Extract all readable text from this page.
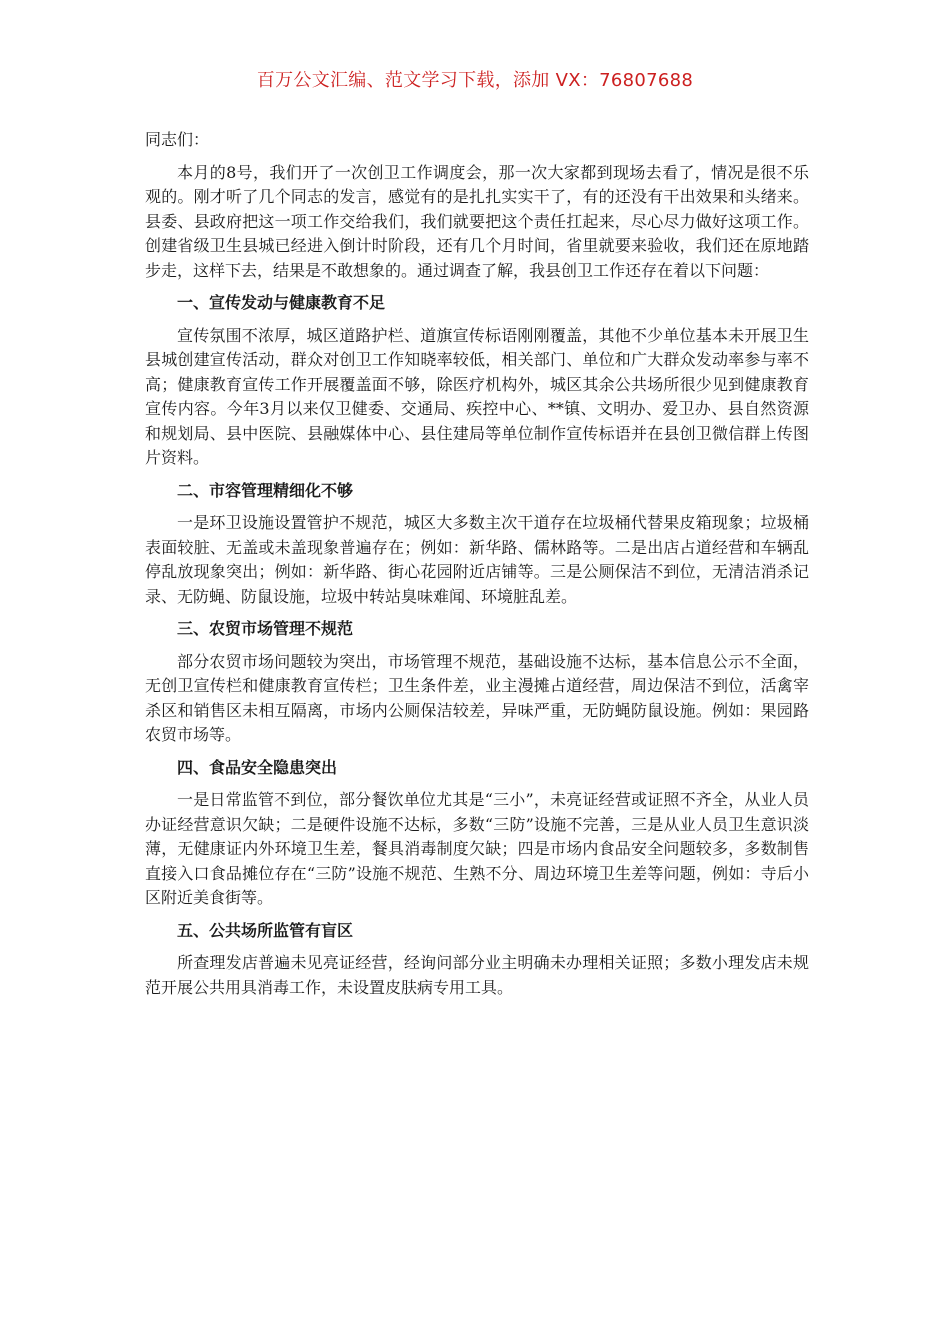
百万公文汇编、范文学习下载，添加 VX：76807688

同志们：

本月的8号，我们开了一次创卫工作调度会，那一次大家都到现场去看了，情况是很不乐观的。刚才听了几个同志的发言，感觉有的是扎扎实实干了，有的还没有干出效果和头绪来。县委、县政府把这一项工作交给我们，我们就要把这个责任扛起来，尽心尽力做好这项工作。创建省级卫生县城已经进入倒计时阶段，还有几个月时间，省里就要来验收，我们还在原地踏步走，这样下去，结果是不敢想象的。通过调查了解，我县创卫工作还存在着以下问题：

一、宣传发动与健康教育不足

宣传氛围不浓厚，城区道路护栏、道旗宣传标语刚刚覆盖，其他不少单位基本未开展卫生县城创建宣传活动，群众对创卫工作知晓率较低，相关部门、单位和广大群众发动率参与率不高；健康教育宣传工作开展覆盖面不够，除医疗机构外，城区其余公共场所很少见到健康教育宣传内容。今年3月以来仅卫健委、交通局、疾控中心、**镇、文明办、爱卫办、县自然资源和规划局、县中医院、县融媒体中心、县住建局等单位制作宣传标语并在县创卫微信群上传图片资料。

二、市容管理精细化不够

一是环卫设施设置管护不规范，城区大多数主次干道存在垃圾桶代替果皮箱现象；垃圾桶表面较脏、无盖或未盖现象普遍存在；例如：新华路、儒林路等。二是出店占道经营和车辆乱停乱放现象突出；例如：新华路、街心花园附近店铺等。三是公厕保洁不到位，无清洁消杀记录、无防蝇、防鼠设施，垃圾中转站臭味难闻、环境脏乱差。

三、农贸市场管理不规范

部分农贸市场问题较为突出，市场管理不规范，基础设施不达标，基本信息公示不全面，无创卫宣传栏和健康教育宣传栏；卫生条件差，业主漫摊占道经营，周边保洁不到位，活禽宰杀区和销售区未相互隔离，市场内公厕保洁较差，异味严重，无防蝇防鼠设施。例如：果园路农贸市场等。

四、食品安全隐患突出

一是日常监管不到位，部分餐饮单位尤其是“三小”，未亮证经营或证照不齐全，从业人员办证经营意识欠缺；二是硬件设施不达标，多数“三防”设施不完善，三是从业人员卫生意识淡薄，无健康证内外环境卫生差，餐具消毒制度欠缺；四是市场内食品安全问题较多，多数制售直接入口食品摊位存在“三防”设施不规范、生熟不分、周边环境卫生差等问题，例如：寺后小区附近美食街等。

五、公共场所监管有盲区

所查理发店普遍未见亮证经营，经询问部分业主明确未办理相关证照；多数小理发店未规范开展公共用具消毒工作，未设置皮肤病专用工具。
